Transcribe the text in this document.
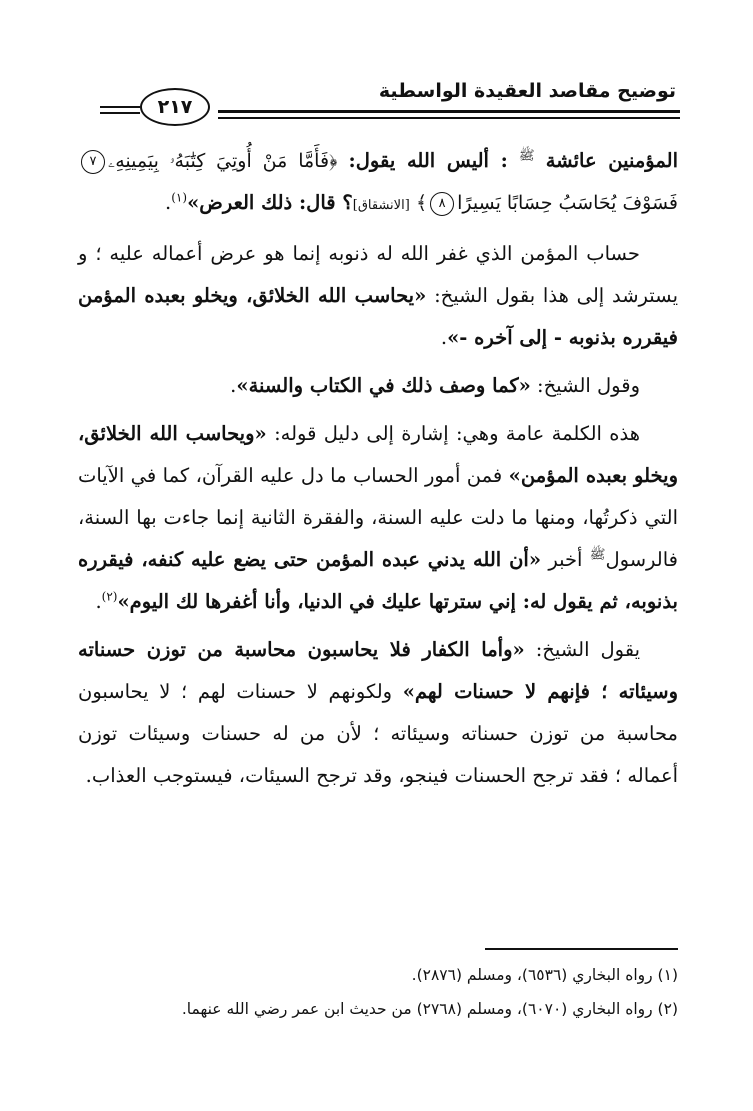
توضيح مقاصد العقيدة الواسطية
٢١٧

المؤمنين عائشة $^ﷺ$ : أليس الله يقول: ﴿فَأَمَّا مَنْ أُوتِيَ كِتَٰبَهُۥ بِيَمِينِهِۦ٧فَسَوْفَ يُحَاسَبُ حِسَابًا يَسِيرًا٨﴾ [الانشقاق]؟ قال: ذلك العرض»$^{(١)}$.

حساب المؤمن الذي غفر الله له ذنوبه إنما هو عرض أعماله عليه ؛ و يسترشد إلى هذا بقول الشيخ: «يحاسب الله الخلائق، ويخلو بعبده المؤمن فيقرره بذنوبه - إلى آخره -».

وقول الشيخ: «كما وصف ذلك في الكتاب والسنة».

هذه الكلمة عامة وهي: إشارة إلى دليل قوله: «ويحاسب الله الخلائق، ويخلو بعبده المؤمن» فمن أمور الحساب ما دل عليه القرآن، كما في الآيات التي ذكرتُها، ومنها ما دلت عليه السنة، والفقرة الثانية إنما جاءت بها السنة، فالرسول$^ﷺ$ أخبر «أن الله يدني عبده المؤمن حتى يضع عليه كنفه، فيقرره بذنوبه، ثم يقول له: إني سترتها عليك في الدنيا، وأنا أغفرها لك اليوم»$^{(٢)}$.

يقول الشيخ: «وأما الكفار فلا يحاسبون محاسبة من توزن حسناته وسيئاته ؛ فإنهم لا حسنات لهم» ولكونهم لا حسنات لهم ؛ لا يحاسبون محاسبة من توزن حسناته وسيئاته ؛ لأن من له حسنات وسيئات توزن أعماله ؛ فقد ترجح الحسنات فينجو، وقد ترجح السيئات، فيستوجب العذاب.

(١) رواه البخاري (٦٥٣٦)، ومسلم (٢٨٧٦).

(٢) رواه البخاري (٦٠٧٠)، ومسلم (٢٧٦٨) من حديث ابن عمر رضي الله عنهما.
